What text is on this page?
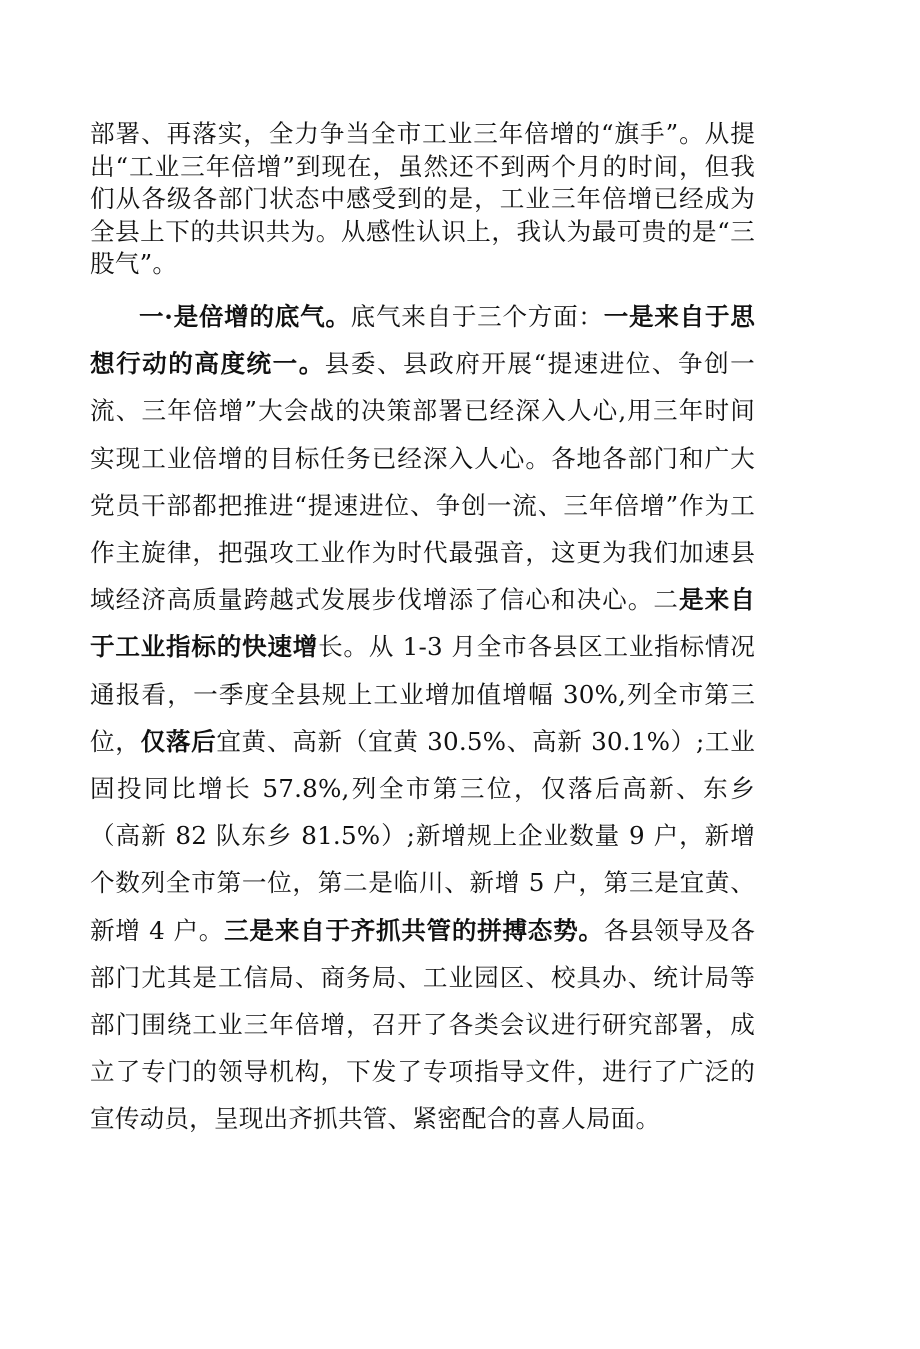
部署、再落实，全力争当全市工业三年倍增的“旗手”。从提出“工业三年倍增”到现在，虽然还不到两个月的时间，但我们从各级各部门状态中感受到的是，工业三年倍增已经成为全县上下的共识共为。从感性认识上，我认为最可贵的是“三股气”。

一·是倍增的底气。底气来自于三个方面：一是来自于思想行动的高度统一。县委、县政府开展“提速进位、争创一流、三年倍增”大会战的决策部署已经深入人心,用三年时间实现工业倍增的目标任务已经深入人心。各地各部门和广大党员干部都把推进“提速进位、争创一流、三年倍增”作为工作主旋律，把强攻工业作为时代最强音，这更为我们加速县域经济高质量跨越式发展步伐增添了信心和决心。二是来自于工业指标的快速增长。从 1-3 月全市各县区工业指标情况通报看，一季度全县规上工业增加值增幅 30%,列全市第三位，仅落后宜黄、高新（宜黄 30.5%、高新 30.1%）;工业固投同比增长 57.8%,列全市第三位，仅落后高新、东乡（高新 82 队东乡 81.5%）;新增规上企业数量 9 户，新增个数列全市第一位，第二是临川、新增 5 户，第三是宜黄、新增 4 户。三是来自于齐抓共管的拼搏态势。各县领导及各部门尤其是工信局、商务局、工业园区、校具办、统计局等部门围绕工业三年倍增，召开了各类会议进行研究部署，成立了专门的领导机构，下发了专项指导文件，进行了广泛的宣传动员，呈现出齐抓共管、紧密配合的喜人局面。
